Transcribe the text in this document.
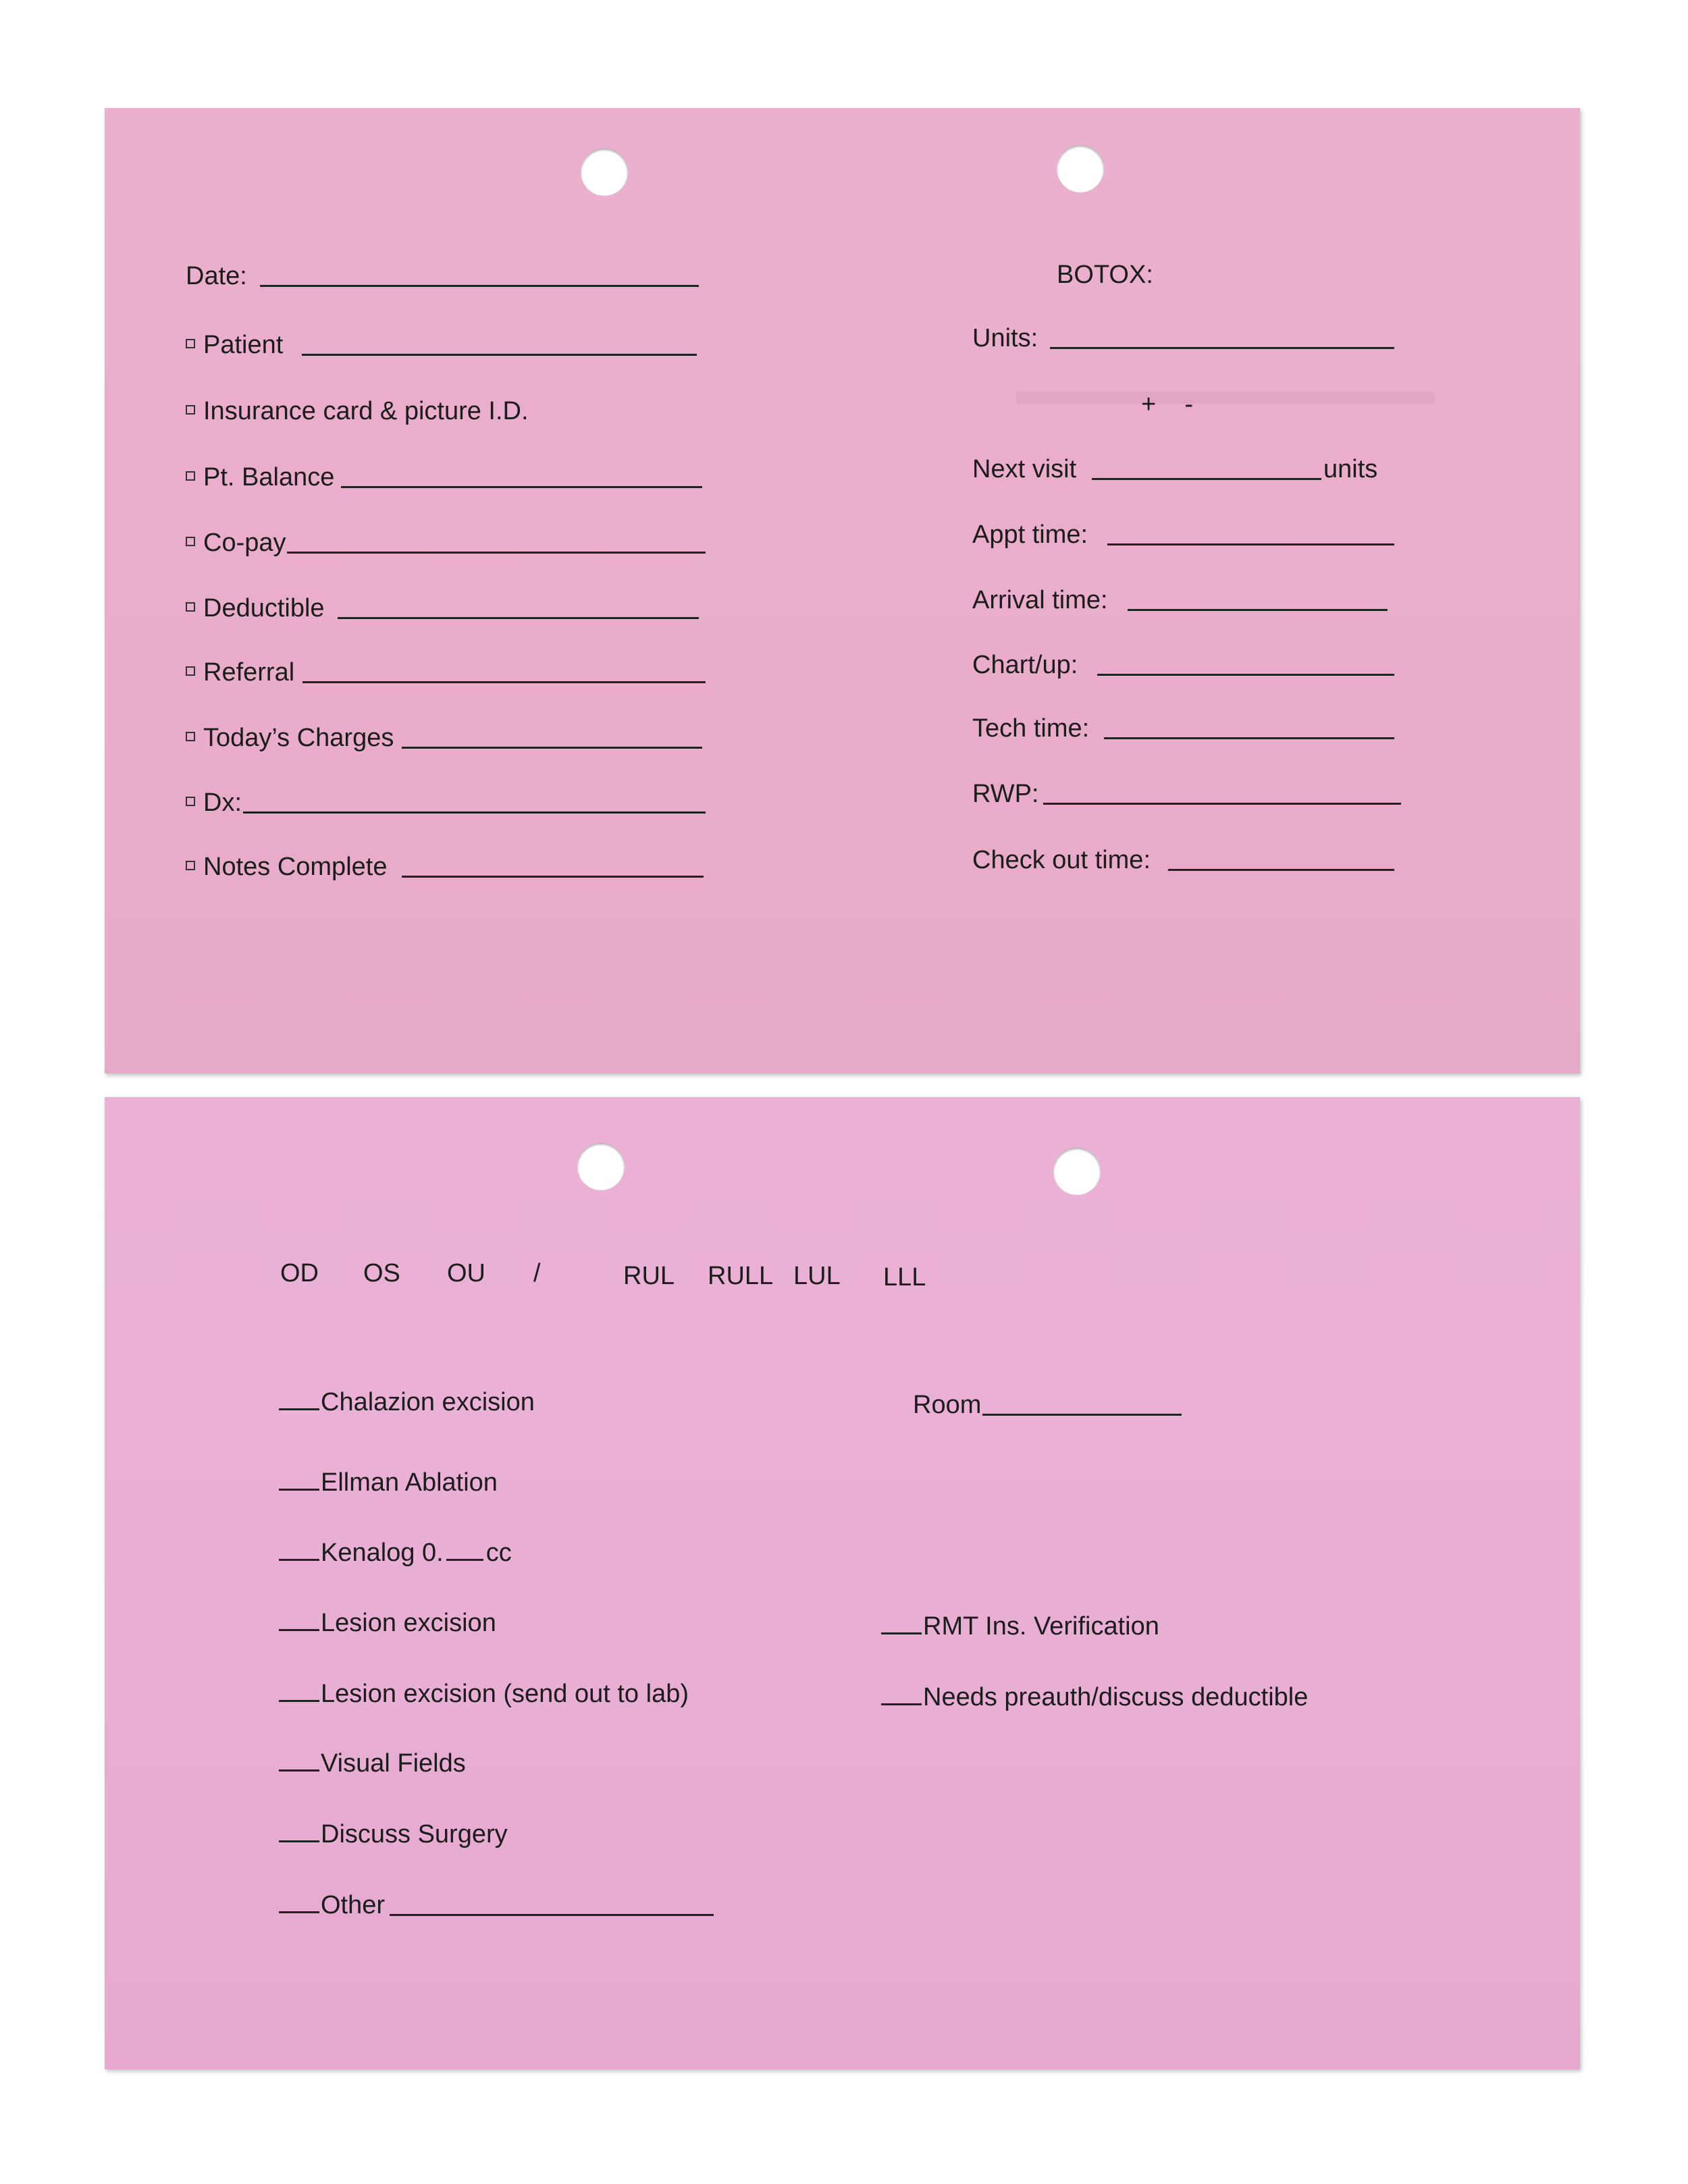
Date:
Patient
Insurance card & picture I.D.
Pt. Balance
Co-pay
Deductible
Referral
Today’s Charges
Dx:
Notes Complete
BOTOX:
Units:
+    -
Next visit	units
Appt time:
Arrival time:
Chart/up:
Tech time:
RWP:
Check out time:
OD OS OU /	RUL RULL LUL LLL
Chalazion excision
Ellman Ablation
Kenalog 0. cc
Lesion excision
Lesion excision (send out to lab)
Visual Fields
Discuss Surgery
Other
Room
RMT Ins. Verification
Needs preauth/discuss deductible
